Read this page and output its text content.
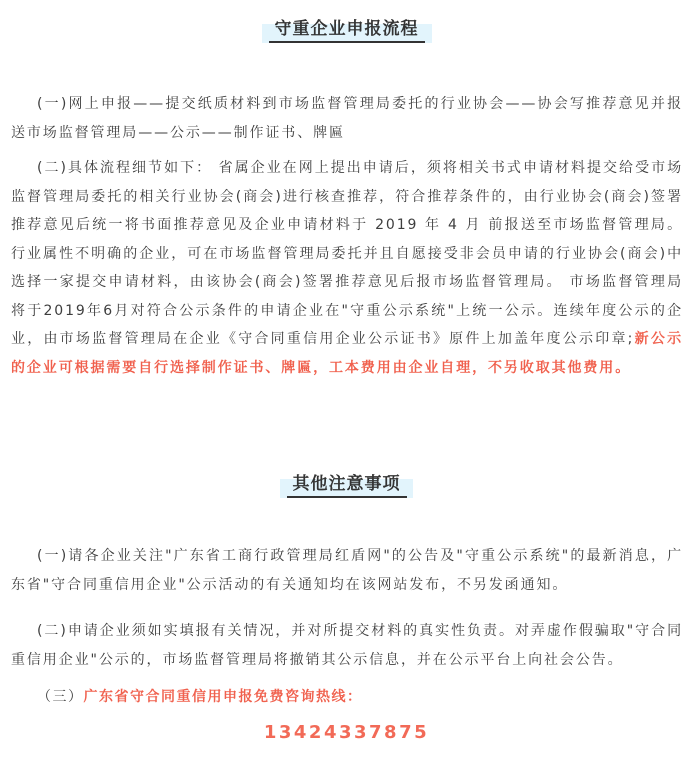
守重企业申报流程

(一)网上申报——提交纸质材料到市场监督管理局委托的行业协会——协会写推荐意见并报送市场监督管理局——公示——制作证书、牌匾

(二)具体流程细节如下： 省属企业在网上提出申请后，须将相关书式申请材料提交给受市场监督管理局委托的相关行业协会(商会)进行核查推荐，符合推荐条件的，由行业协会(商会)签署推荐意见后统一将书面推荐意见及企业申请材料于 2019 年 4 月 前报送至市场监督管理局。行业属性不明确的企业，可在市场监督管理局委托并且自愿接受非会员申请的行业协会(商会)中选择一家提交申请材料，由该协会(商会)签署推荐意见后报市场监督管理局。 市场监督管理局将于2019年6月对符合公示条件的申请企业在"守重公示系统"上统一公示。连续年度公示的企业，由市场监督管理局在企业《守合同重信用企业公示证书》原件上加盖年度公示印章;新公示的企业可根据需要自行选择制作证书、牌匾，工本费用由企业自理，不另收取其他费用。

其他注意事项

(一)请各企业关注"广东省工商行政管理局红盾网"的公告及"守重公示系统"的最新消息，广东省"守合同重信用企业"公示活动的有关通知均在该网站发布，不另发函通知。

(二)申请企业须如实填报有关情况，并对所提交材料的真实性负责。对弄虚作假骗取"守合同重信用企业"公示的，市场监督管理局将撤销其公示信息，并在公示平台上向社会公告。

（三）广东省守合同重信用申报免费咨询热线：

13424337875
